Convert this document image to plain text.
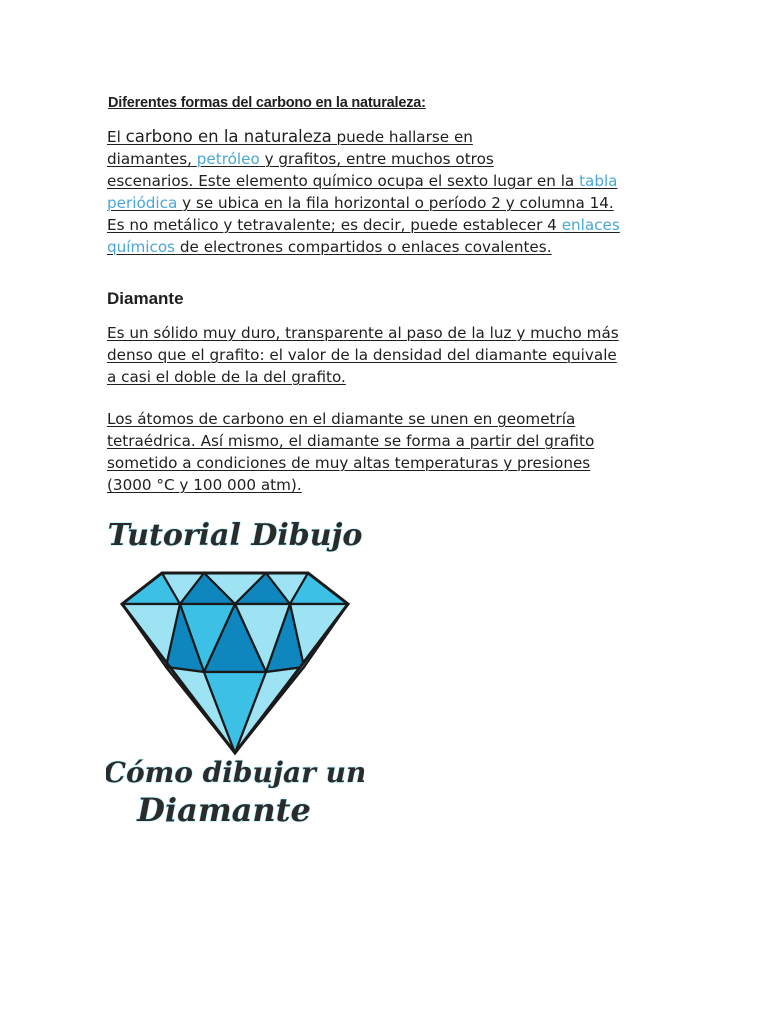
Diferentes formas del carbono en la naturaleza:
El carbono en la naturaleza puede hallarse en
diamantes, petróleo y grafitos, entre muchos otros
escenarios. Este elemento químico ocupa el sexto lugar en la tabla
periódica y se ubica en la fila horizontal o período 2 y columna 14.
Es no metálico y tetravalente; es decir, puede establecer 4 enlaces
químicos de electrones compartidos o enlaces covalentes.
Diamante
Es un sólido muy duro, transparente al paso de la luz y mucho más
denso que el grafito: el valor de la densidad del diamante equivale
a casi el doble de la del grafito.
Los átomos de carbono en el diamante se unen en geometría
tetraédrica. Así mismo, el diamante se forma a partir del grafito
sometido a condiciones de muy altas temperaturas y presiones
(3000 °C y 100 000 atm).
Tutorial Dibujo
Cómo dibujar un
Diamante
